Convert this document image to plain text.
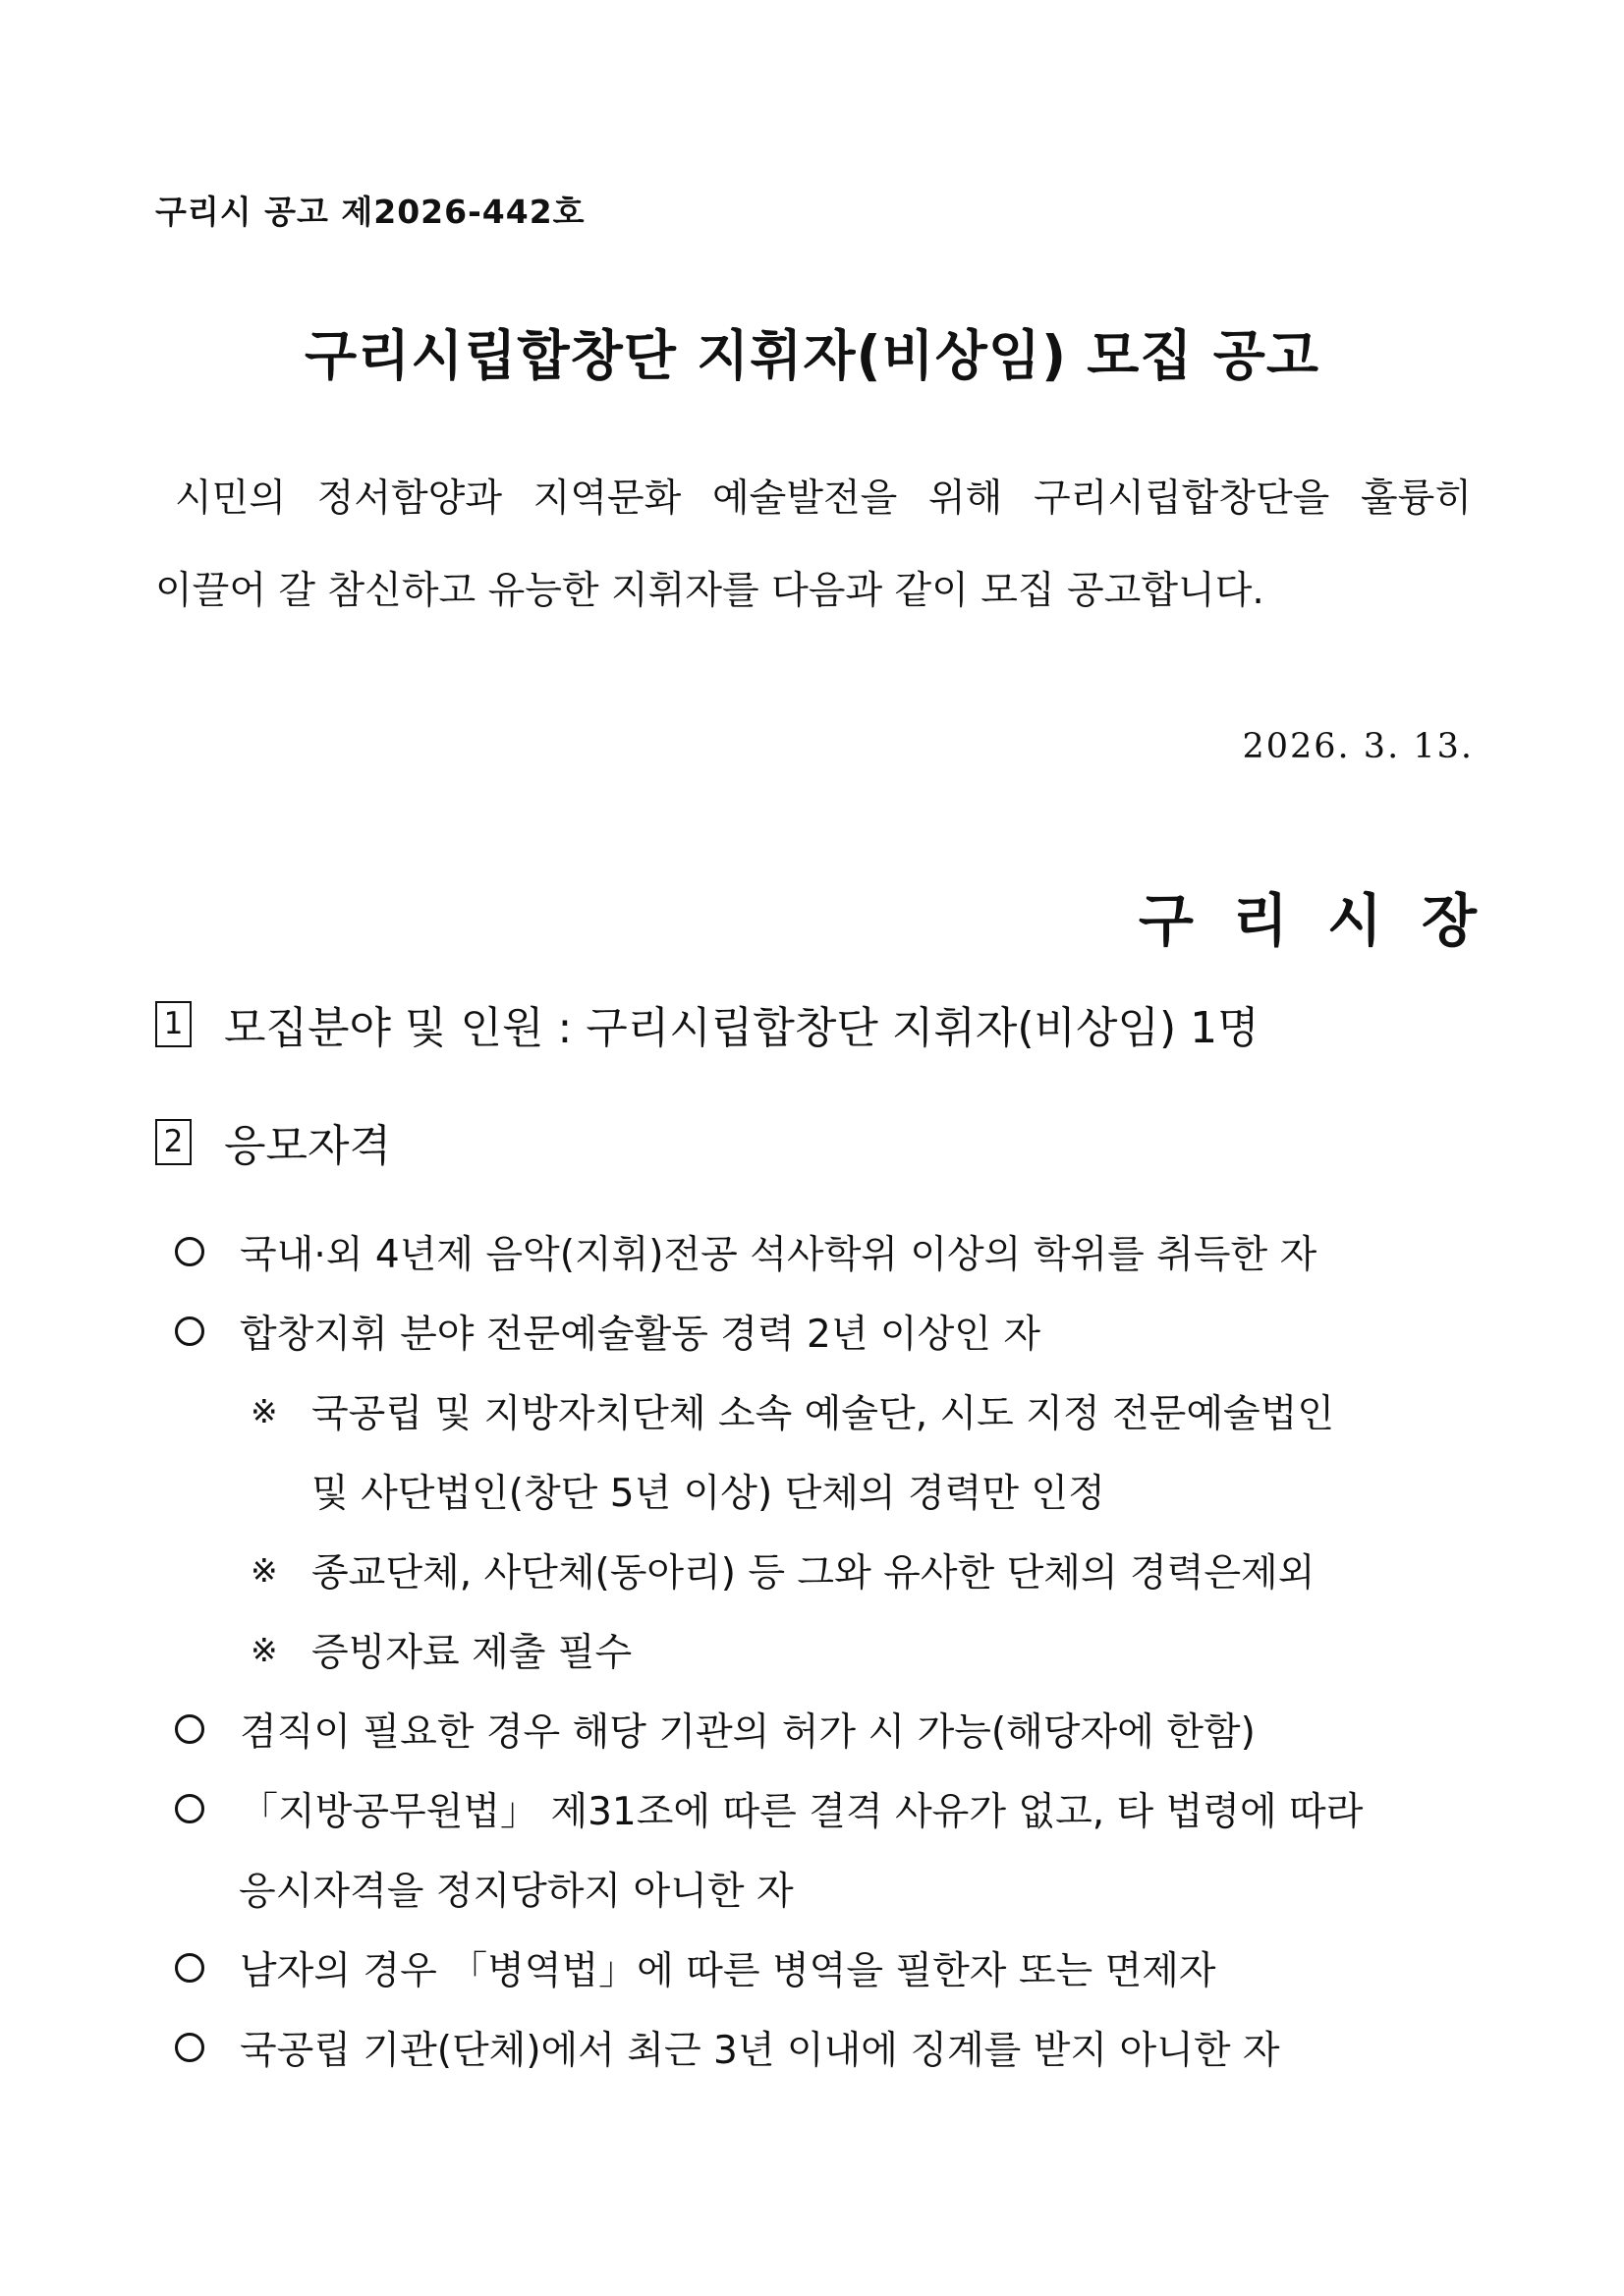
구리시 공고 제2026-442호
구리시립합창단 지휘자(비상임) 모집 공고
시민의 정서함양과 지역문화 예술발전을 위해 구리시립합창단을 훌륭히
이끌어 갈 참신하고 유능한 지휘자를 다음과 같이 모집 공고합니다.
2026. 3. 13.
구리시장
1 모집분야 및 인원 : 구리시립합창단 지휘자(비상임) 1명
2 응모자격
국내·외 4년제 음악(지휘)전공 석사학위 이상의 학위를 취득한 자
합창지휘 분야 전문예술활동 경력 2년 이상인 자
※ 국공립 및 지방자치단체 소속 예술단, 시도 지정 전문예술법인
및 사단법인(창단 5년 이상) 단체의 경력만 인정
※ 종교단체, 사단체(동아리) 등 그와 유사한 단체의 경력은제외
※ 증빙자료 제출 필수
겸직이 필요한 경우 해당 기관의 허가 시 가능(해당자에 한함)
「지방공무원법」 제31조에 따른 결격 사유가 없고, 타 법령에 따라
응시자격을 정지당하지 아니한 자
남자의 경우 「병역법」에 따른 병역을 필한자 또는 면제자
국공립 기관(단체)에서 최근 3년 이내에 징계를 받지 아니한 자
